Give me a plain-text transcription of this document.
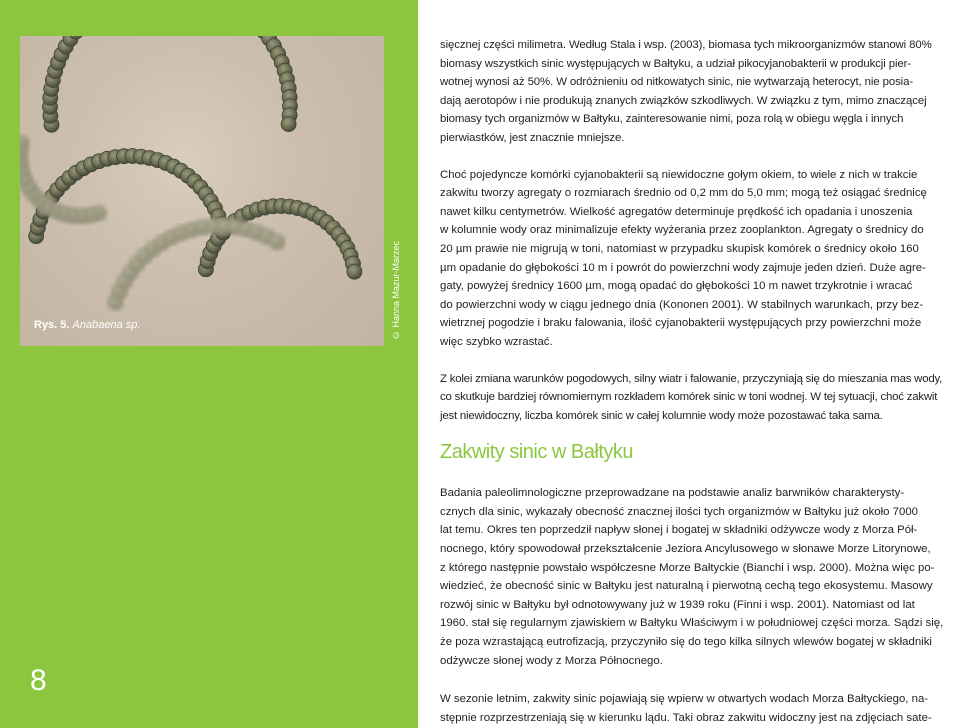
© Hanna Mazur-Marzec
Rys. 5. Anabaena sp.
8

sięcznej części milimetra. Według Stala i wsp. (2003), biomasa tych mikroorganizmów stanowi 80%
biomasy wszystkich sinic występujących w Bałtyku, a udział pikocyjanobakterii w produkcji pier-
wotnej wynosi aż 50%. W odróżnieniu od nitkowatych sinic, nie wytwarzają heterocyt, nie posia-
dają aerotopów i nie produkują znanych związków szkodliwych. W związku z tym, mimo znaczącej
biomasy tych organizmów w Bałtyku, zainteresowanie nimi, poza rolą w obiegu węgla i innych
pierwiastków, jest znacznie mniejsze.

Choć pojedyncze komórki cyjanobakterii są niewidoczne gołym okiem, to wiele z nich w trakcie
zakwitu tworzy agregaty o rozmiarach średnio od 0,2 mm do 5,0 mm; mogą też osiągać średnicę
nawet kilku centymetrów. Wielkość agregatów determinuje prędkość ich opadania i unoszenia
w kolumnie wody oraz minimalizuje efekty wyżerania przez zooplankton. Agregaty o średnicy do
20 µm prawie nie migrują w toni, natomiast w przypadku skupisk komórek o średnicy około 160
µm opadanie do głębokości 10 m i powrót do powierzchni wody zajmuje jeden dzień. Duże agre-
gaty, powyżej średnicy 1600 µm, mogą opadać do głębokości 10 m nawet trzykrotnie i wracać
do powierzchni wody w ciągu jednego dnia (Kononen 2001). W stabilnych warunkach, przy bez-
wietrznej pogodzie i braku falowania, ilość cyjanobakterii występujących przy powierzchni może
więc szybko wzrastać.

Z kolei zmiana warunków pogodowych, silny wiatr i falowanie, przyczyniają się do mieszania mas wody,
co skutkuje bardziej równomiernym rozkładem komórek sinic w toni wodnej. W tej sytuacji, choć zakwit
jest niewidoczny, liczba komórek sinic w całej kolumnie wody może pozostawać taka sama.

Zakwity sinic w Bałtyku

Badania paleolimnologiczne przeprowadzane na podstawie analiz barwników charakterysty-
cznych dla sinic, wykazały obecność znacznej ilości tych organizmów w Bałtyku już około 7000
lat temu. Okres ten poprzedził napływ słonej i bogatej w składniki odżywcze wody z Morza Pół-
nocnego, który spowodował przekształcenie Jeziora Ancylusowego w słonawe Morze Litorynowe,
z którego następnie powstało współczesne Morze Bałtyckie (Bianchi i wsp. 2000). Można więc po-
wiedzieć, że obecność sinic w Bałtyku jest naturalną i pierwotną cechą tego ekosystemu. Masowy
rozwój sinic w Bałtyku był odnotowywany już w 1939 roku (Finni i wsp. 2001). Natomiast od lat
1960. stał się regularnym zjawiskiem w Bałtyku Właściwym i w południowej części morza. Sądzi się,
że poza wzrastającą eutrofizacją, przyczyniło się do tego kilka silnych wlewów bogatej w składniki
odżywcze słonej wody z Morza Północnego.

W sezonie letnim, zakwity sinic pojawiają się wpierw w otwartych wodach Morza Bałtyckiego, na-
stępnie rozprzestrzeniają się w kierunku lądu. Taki obraz zakwitu widoczny jest na zdjęciach sate-
